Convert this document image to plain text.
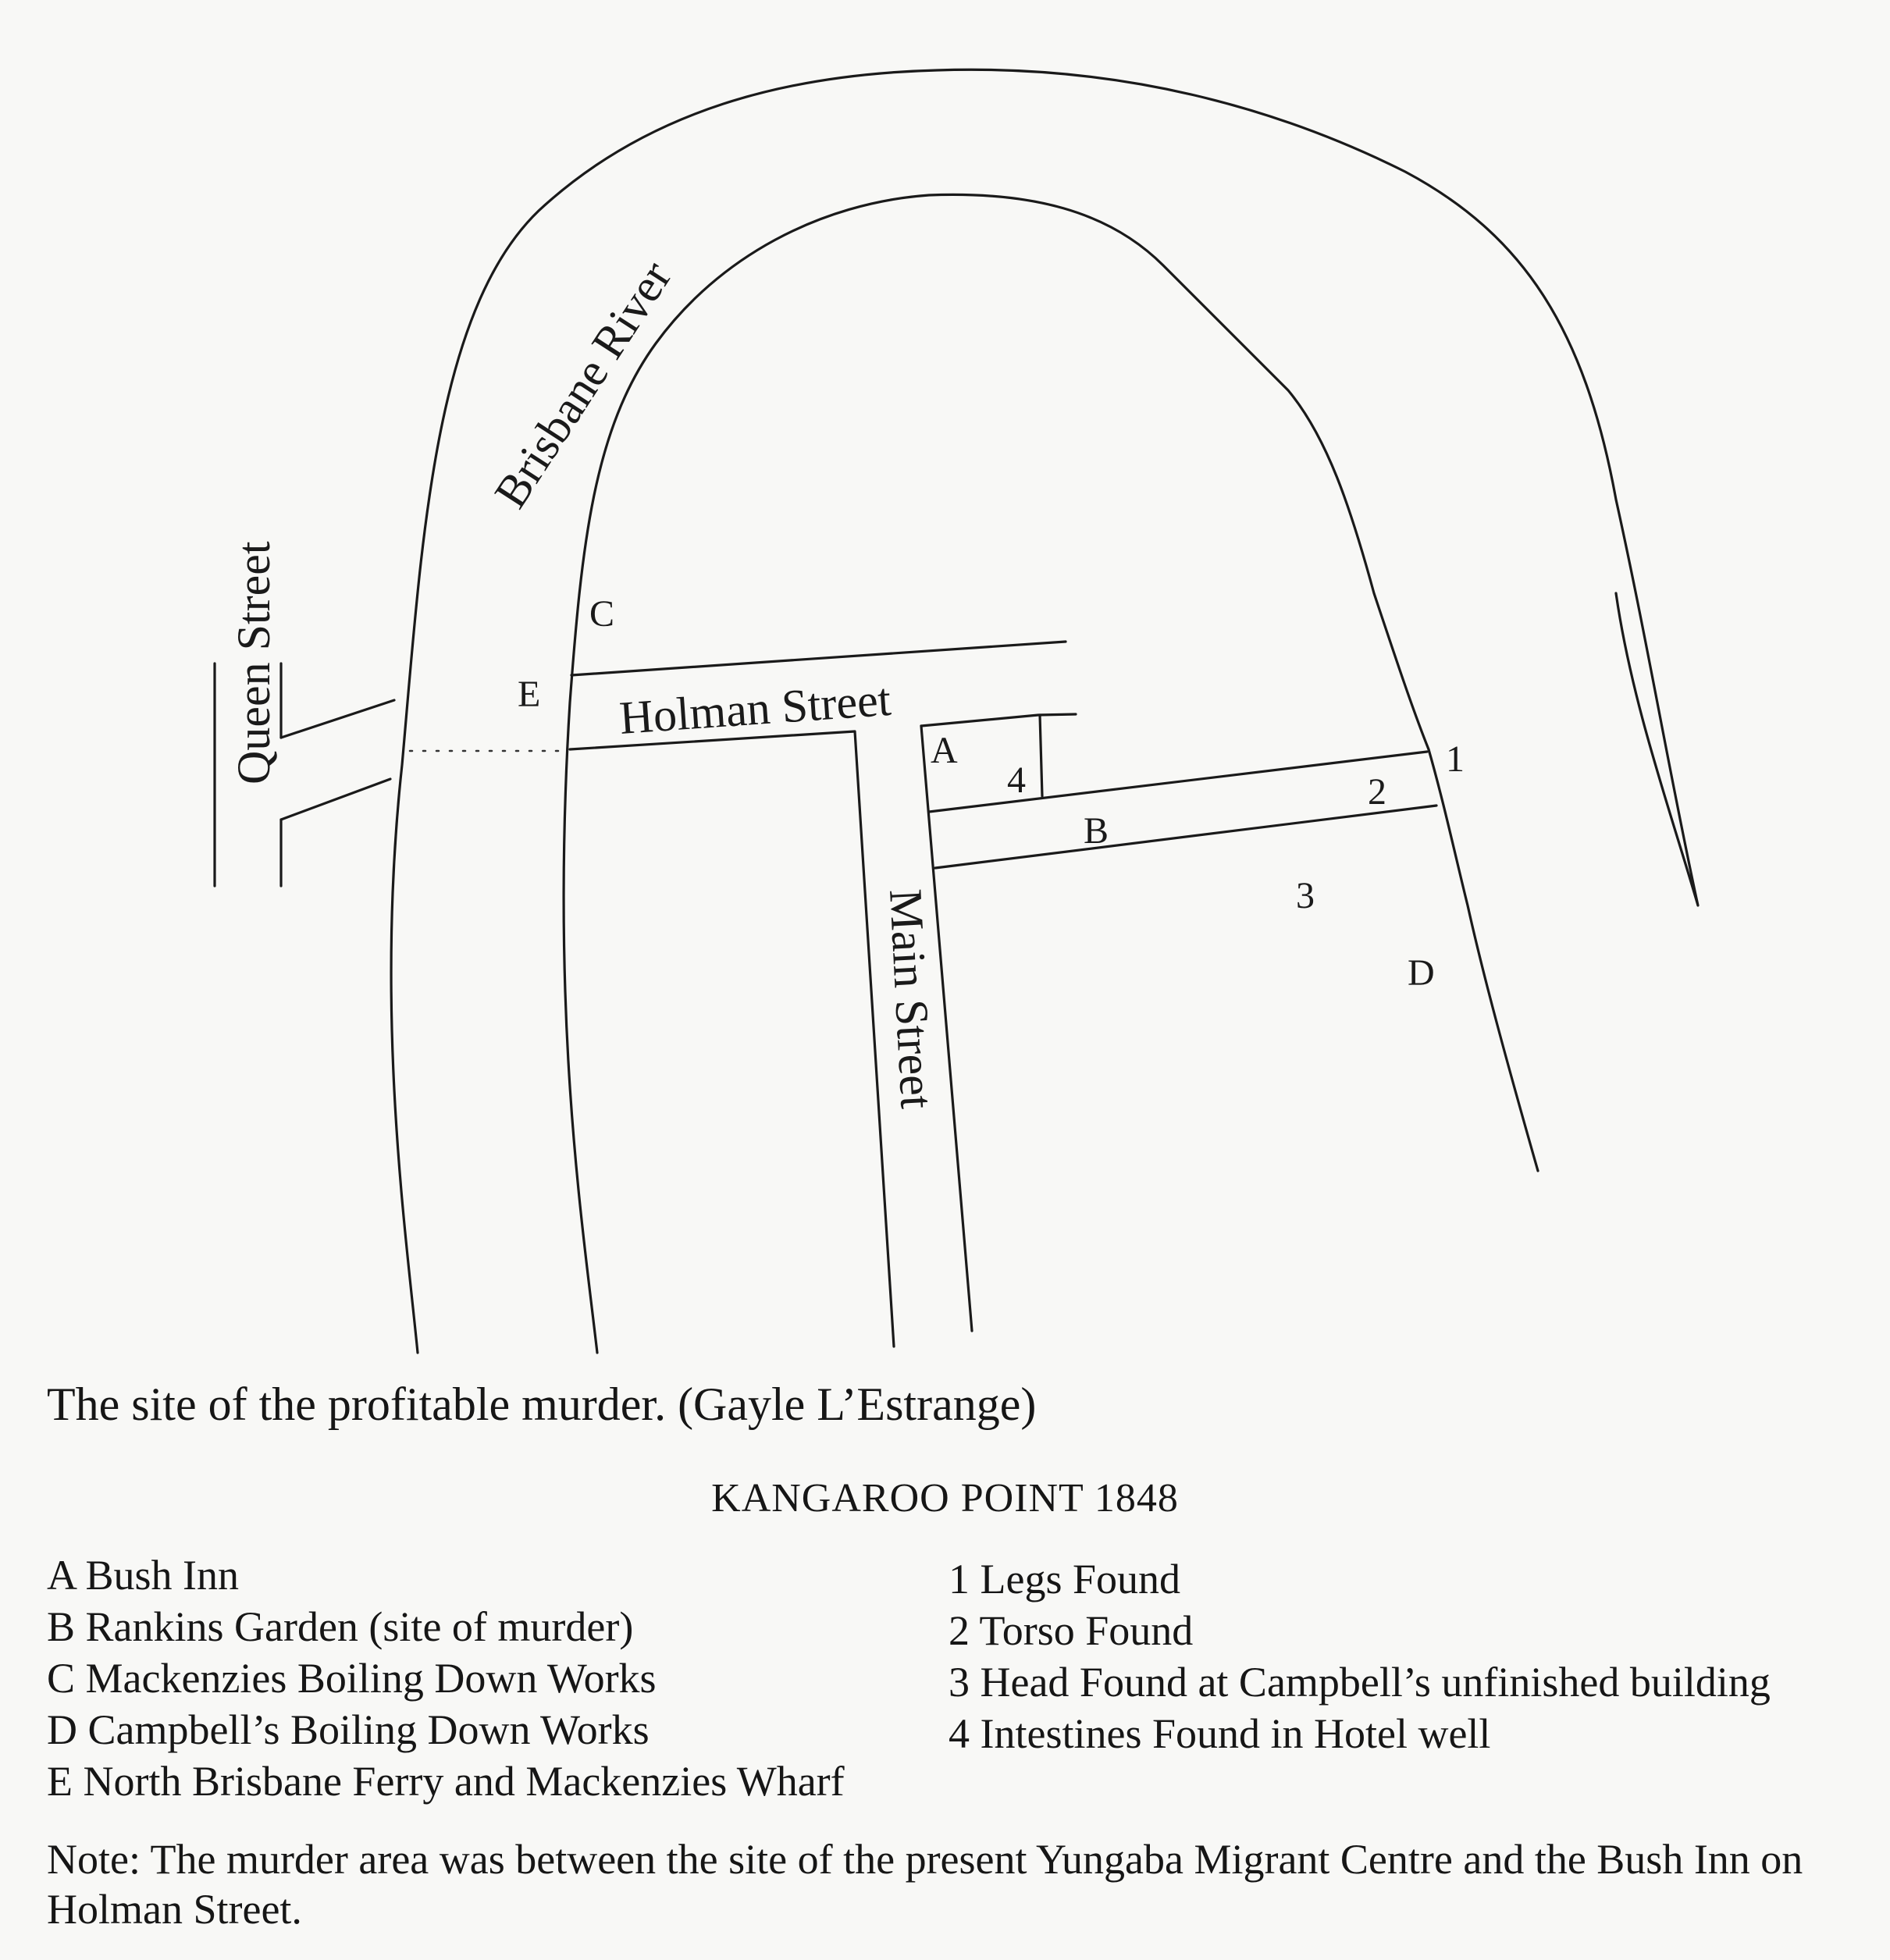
Brisbane River
Queen Street	Holman Street
Main Street
A
4
B
2
1
3
D
C
E
The site of the profitable murder. (Gayle L’Estrange)
KANGAROO POINT 1848
A Bush Inn
B Rankins Garden (site of murder)
C Mackenzies Boiling Down Works
D Campbell’s Boiling Down Works
E North Brisbane Ferry and Mackenzies Wharf
1 Legs Found
2 Torso Found
3 Head Found at Campbell’s unfinished building
4 Intestines Found in Hotel well
Note: The murder area was between the site of the present Yungaba Migrant Centre and the Bush Inn on Holman Street.
